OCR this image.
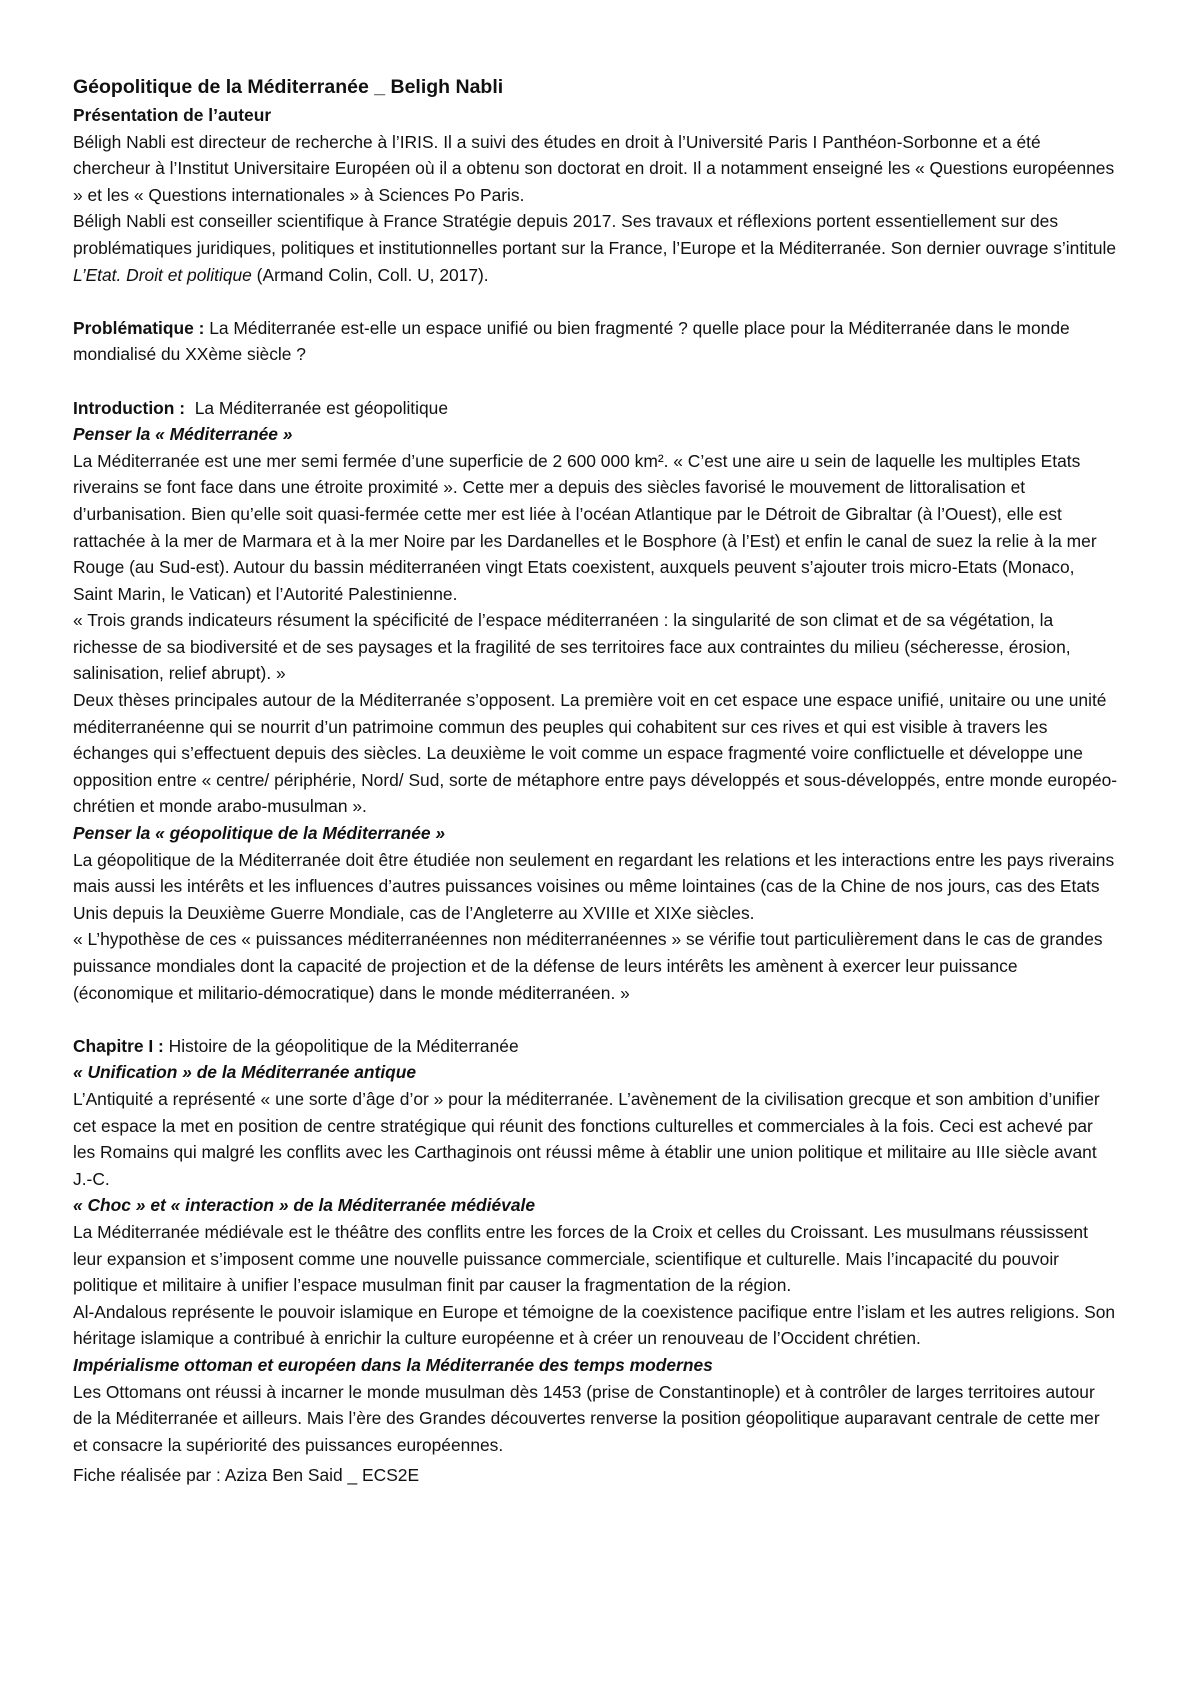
Géopolitique de la Méditerranée _ Beligh Nabli

Présentation de l’auteur

Béligh Nabli est directeur de recherche à l’IRIS. Il a suivi des études en droit à l’Université Paris I Panthéon-Sorbonne et a été chercheur à l’Institut Universitaire Européen où il a obtenu son doctorat en droit. Il a notamment enseigné les « Questions européennes » et les « Questions internationales » à Sciences Po Paris.

Béligh Nabli est conseiller scientifique à France Stratégie depuis 2017. Ses travaux et réflexions portent essentiellement sur des problématiques juridiques, politiques et institutionnelles portant sur la France, l’Europe et la Méditerranée. Son dernier ouvrage s’intitule L’Etat. Droit et politique (Armand Colin, Coll. U, 2017).

Problématique : La Méditerranée est-elle un espace unifié ou bien fragmenté ? quelle place pour la Méditerranée dans le monde mondialisé du XXème siècle ?

Introduction :  La Méditerranée est géopolitique

Penser la « Méditerranée »

La Méditerranée est une mer semi fermée d’une superficie de 2 600 000 km². « C’est une aire u sein de laquelle les multiples Etats riverains se font face dans une étroite proximité ». Cette mer a depuis des siècles favorisé le mouvement de littoralisation et d’urbanisation. Bien qu’elle soit quasi-fermée cette mer est liée à l’océan Atlantique par le Détroit de Gibraltar (à l’Ouest), elle est rattachée à la mer de Marmara et à la mer Noire par les Dardanelles et le Bosphore (à l’Est) et enfin le canal de suez la relie à la mer Rouge (au Sud-est). Autour du bassin méditerranéen vingt Etats coexistent, auxquels peuvent s’ajouter trois micro-Etats (Monaco, Saint Marin, le Vatican) et l’Autorité Palestinienne.

« Trois grands indicateurs résument la spécificité de l’espace méditerranéen : la singularité de son climat et de sa végétation, la richesse de sa biodiversité et de ses paysages et la fragilité de ses territoires face aux contraintes du milieu (sécheresse, érosion, salinisation, relief abrupt). »

Deux thèses principales autour de la Méditerranée s’opposent. La première voit en cet espace une espace unifié, unitaire ou une unité méditerranéenne qui se nourrit d’un patrimoine commun des peuples qui cohabitent sur ces rives et qui est visible à travers les échanges qui s’effectuent depuis des siècles. La deuxième le voit comme un espace fragmenté voire conflictuelle et développe une opposition entre « centre/ périphérie, Nord/ Sud, sorte de métaphore entre pays développés et sous-développés, entre monde européo-chrétien et monde arabo-musulman ».

Penser la « géopolitique de la Méditerranée »

La géopolitique de la Méditerranée doit être étudiée non seulement en regardant les relations et les interactions entre les pays riverains mais aussi les intérêts et les influences d’autres puissances voisines ou même lointaines (cas de la Chine de nos jours, cas des Etats Unis depuis la Deuxième Guerre Mondiale, cas de l’Angleterre au XVIIIe et XIXe siècles.

« L’hypothèse de ces « puissances méditerranéennes non méditerranéennes » se vérifie tout particulièrement dans le cas de grandes puissance mondiales dont la capacité de projection et de la défense de leurs intérêts les amènent à exercer leur puissance (économique et militario-démocratique) dans le monde méditerranéen. »

Chapitre I : Histoire de la géopolitique de la Méditerranée

« Unification » de la Méditerranée antique

L’Antiquité a représenté « une sorte d’âge d’or » pour la méditerranée. L’avènement de la civilisation grecque et son ambition d’unifier cet espace la met en position de centre stratégique qui réunit des fonctions culturelles et commerciales à la fois. Ceci est achevé par les Romains qui malgré les conflits avec les Carthaginois ont réussi même à établir une union politique et militaire au IIIe siècle avant    J.-C.

« Choc » et « interaction » de la Méditerranée médiévale

La Méditerranée médiévale est le théâtre des conflits entre les forces de la Croix et celles du Croissant. Les musulmans réussissent leur expansion et s’imposent comme une nouvelle puissance commerciale, scientifique et culturelle. Mais l’incapacité du pouvoir politique et militaire à unifier l’espace musulman finit par causer la fragmentation de la région.

Al-Andalous représente le pouvoir islamique en Europe et témoigne de la coexistence pacifique entre l’islam et les autres religions. Son héritage islamique a contribué à enrichir la culture européenne et à créer un renouveau de l’Occident chrétien.

Impérialisme ottoman et européen dans la Méditerranée des temps modernes

Les Ottomans ont réussi à incarner le monde musulman dès 1453 (prise de Constantinople) et à contrôler de larges territoires autour de la Méditerranée et ailleurs. Mais l’ère des Grandes découvertes renverse la position géopolitique auparavant centrale de cette mer et consacre la supériorité des puissances européennes.

Fiche réalisée par : Aziza Ben Said _ ECS2E
